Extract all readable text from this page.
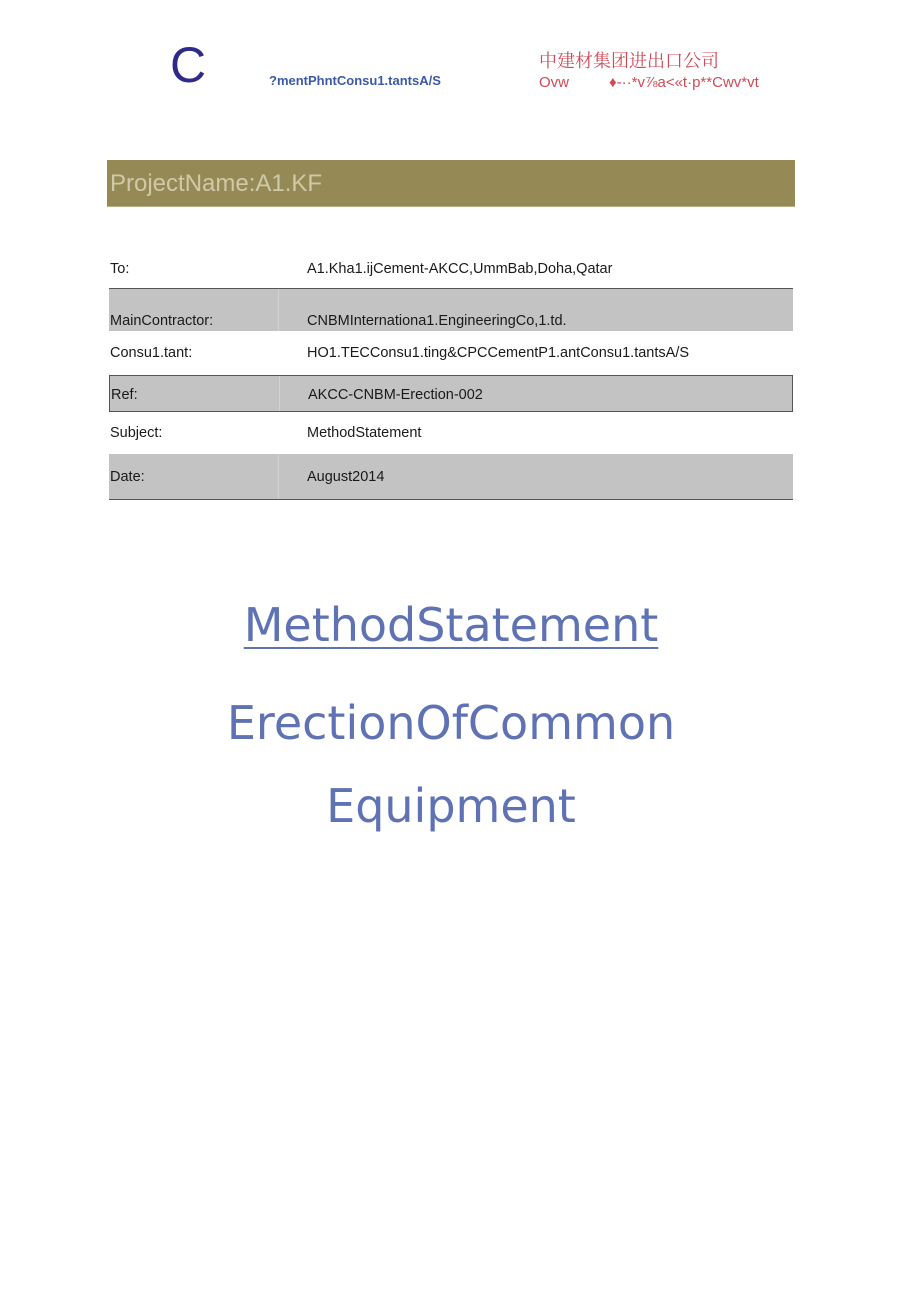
C	?mentPhntConsu1.tantsA/S
中建材集团进出口公司
Ovw	♦-··*v⅞a<«t·p**Cwv*vt
ProjectName:A1.KF
To:	A1.Kha1.ijCement-AKCC,UmmBab,Doha,Qatar
MainContractor:	CNBMInternationa1.EngineeringCo,1.td.
Consu1.tant:	HO1.TECConsu1.ting&CPCCementP1.antConsu1.tantsA/S
Ref:	AKCC-CNBM-Erection-002
Subject:	MethodStatement
Date:	August2014
MethodStatement
ErectionOfCommon
Equipment
